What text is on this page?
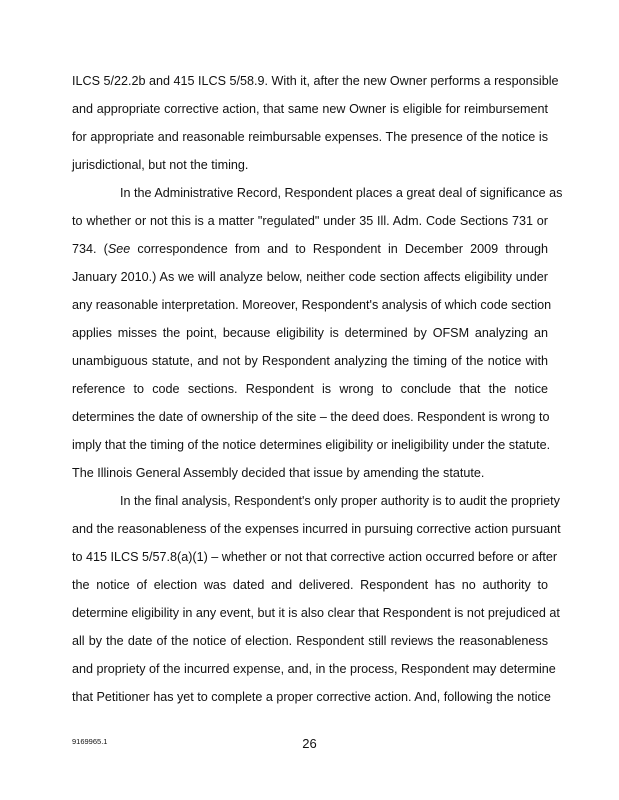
ILCS 5/22.2b and 415 ILCS 5/58.9. With it, after the new Owner performs a responsible
and appropriate corrective action, that same new Owner is eligible for reimbursement
for appropriate and reasonable reimbursable expenses. The presence of the notice is
jurisdictional, but not the timing.
In the Administrative Record, Respondent places a great deal of significance as
to whether or not this is a matter "regulated" under 35 Ill. Adm. Code Sections 731 or
734. (See correspondence from and to Respondent in December 2009 through
January 2010.) As we will analyze below, neither code section affects eligibility under
any reasonable interpretation. Moreover, Respondent's analysis of which code section
applies misses the point, because eligibility is determined by OFSM analyzing an
unambiguous statute, and not by Respondent analyzing the timing of the notice with
reference to code sections. Respondent is wrong to conclude that the notice
determines the date of ownership of the site – the deed does. Respondent is wrong to
imply that the timing of the notice determines eligibility or ineligibility under the statute.
The Illinois General Assembly decided that issue by amending the statute.
In the final analysis, Respondent's only proper authority is to audit the propriety
and the reasonableness of the expenses incurred in pursuing corrective action pursuant
to 415 ILCS 5/57.8(a)(1) – whether or not that corrective action occurred before or after
the notice of election was dated and delivered. Respondent has no authority to
determine eligibility in any event, but it is also clear that Respondent is not prejudiced at
all by the date of the notice of election. Respondent still reviews the reasonableness
and propriety of the incurred expense, and, in the process, Respondent may determine
that Petitioner has yet to complete a proper corrective action. And, following the notice
9169965.1	26
